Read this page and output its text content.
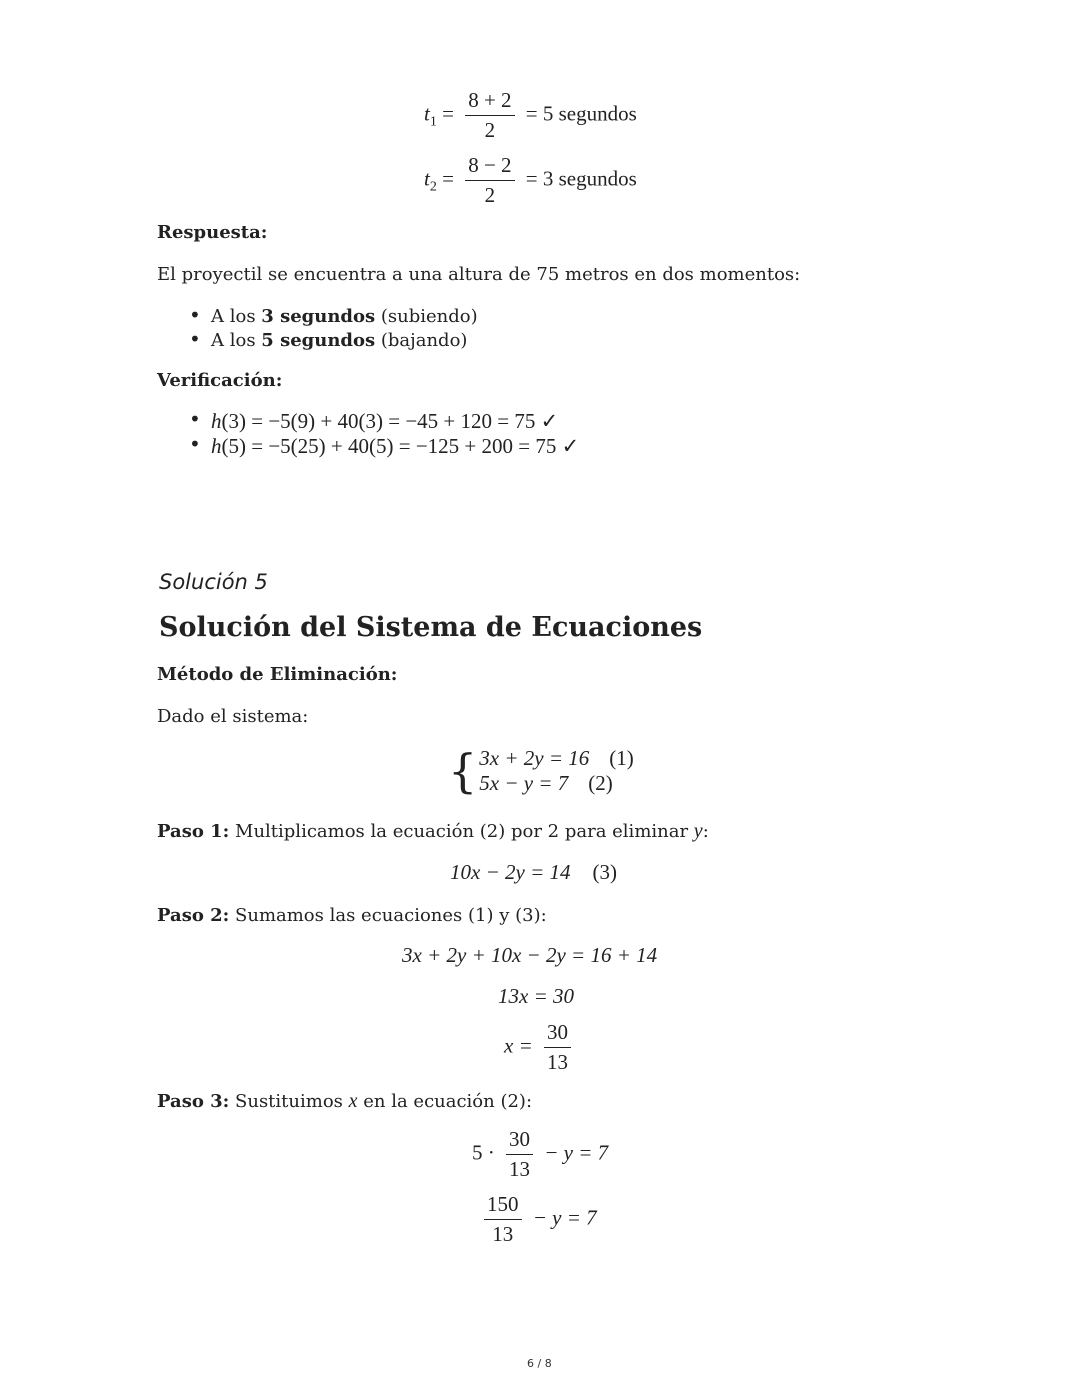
$t_1 = \frac{8 + 2}{2} = 5$ segundos
$t_2 = \frac{8 - 2}{2} = 3$ segundos
Respuesta:
El proyectil se encuentra a una altura de 75 metros en dos momentos:
• A los 3 segundos (subiendo)
• A los 5 segundos (bajando)
Verificación:
• h(3) = −5(9) + 40(3) = −45 + 120 = 75 ✓
• h(5) = −5(25) + 40(5) = −125 + 200 = 75 ✓
Solución 5
Solución del Sistema de Ecuaciones
Método de Eliminación:
Dado el sistema:
{ 3x + 2y = 16 (1)
5x − y = 7 (2)
Paso 1: Multiplicamos la ecuación (2) por 2 para eliminar y:
10x − 2y = 14 (3)
Paso 2: Sumamos las ecuaciones (1) y (3):
3x + 2y + 10x − 2y = 16 + 14
13x = 30
$x = \frac{30}{13}$
Paso 3: Sustituimos x en la ecuación (2):
$5 \cdot \frac{30}{13} - y = 7$
$\frac{150}{13} - y = 7$
6 / 8
